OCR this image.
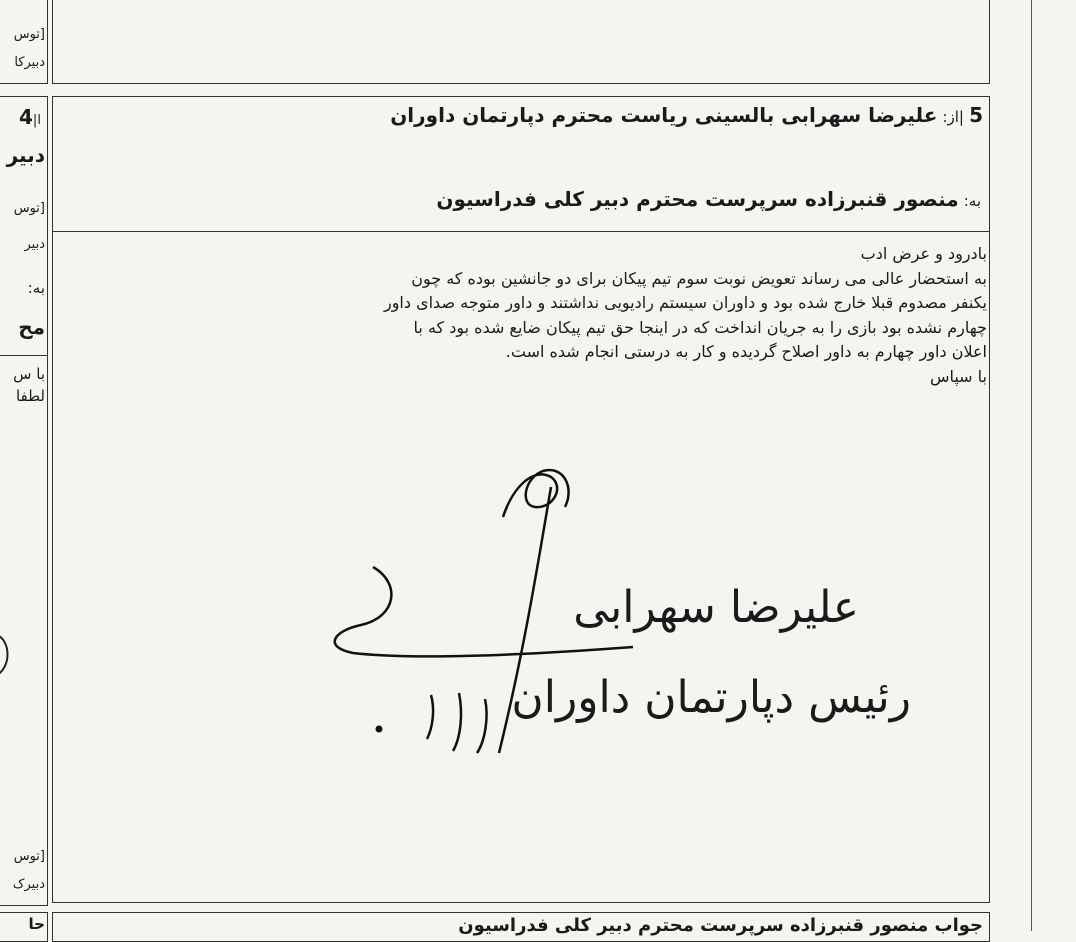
[توس
دبیرکا
4|ا
دبیر
[توس
دبیر
به:
مح
با س
لطفا
[توس
دبیرک
حا
5 |از: علیرضا سهرابی بالسینی ریاست محترم دپارتمان داوران
به: منصور قنبرزاده سرپرست محترم دبیر کلی فدراسیون
بادرود و عرض ادب
به استحضار عالی می رساند تعویض نوبت سوم تیم پیکان برای دو جانشین بوده که چون
یکنفر مصدوم قبلا خارج شده بود و داوران سیستم رادیویی نداشتند و داور متوجه صدای داور
چهارم نشده بود بازی را به جریان انداخت که در اینجا حق تیم پیکان ضایع شده بود که با
اعلان داور چهارم به داور اصلاح گردیده و کار به درستی انجام شده است.
با سپاس
علیرضا سهرابی
رئیس دپارتمان داوران
جواب منصور قنبرزاده سرپرست محترم دبیر کلی فدراسیون
